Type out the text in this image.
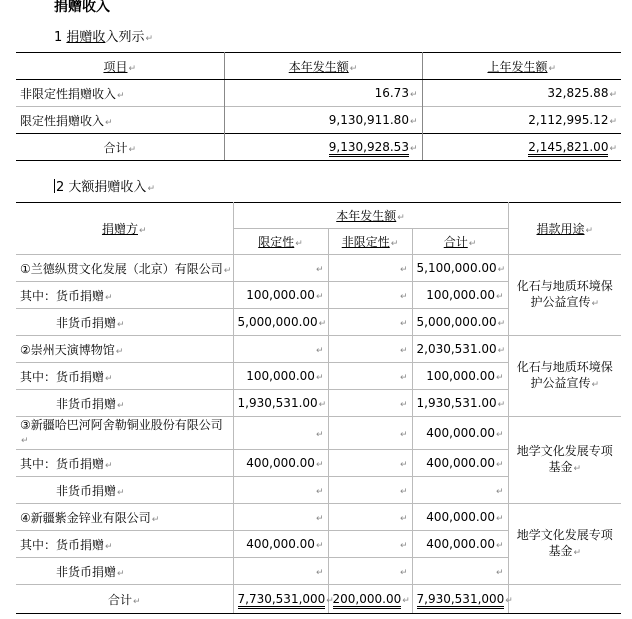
捐赠收入
1 捐赠收入列示↵
项目↵	本年发生额↵	上年发生额↵
非限定性捐赠收入↵	16.73↵	32,825.88↵
限定性捐赠收入↵	9,130,911.80↵	2,112,995.12↵
合计↵	9,130,928.53↵	2,145,821.00↵
2 大额捐赠收入↵
捐赠方↵	本年发生额↵			捐款用途↵
	限定性↵	非限定性↵	合计↵	
①兰德纵贯文化发展（北京）有限公司↵	↵	↵	5,100,000.00↵	化石与地质环境保护公益宣传↵
其中：货币捐赠↵	100,000.00↵	↵	100,000.00↵	
非货币捐赠↵	5,000,000.00↵	↵	5,000,000.00↵	
②崇州天演博物馆↵	↵	↵	2,030,531.00↵	化石与地质环境保护公益宣传↵
其中：货币捐赠↵	100,000.00↵	↵	100,000.00↵	
非货币捐赠↵	1,930,531.00↵	↵	1,930,531.00↵	
③新疆哈巴河阿舍勒铜业股份有限公司↵	↵	↵	400,000.00↵	地学文化发展专项基金↵
其中：货币捐赠↵	400,000.00↵	↵	400,000.00↵	
非货币捐赠↵	↵	↵	↵	
④新疆紫金锌业有限公司↵	↵	↵	400,000.00↵	地学文化发展专项基金↵
其中：货币捐赠↵	400,000.00↵	↵	400,000.00↵	
非货币捐赠↵	↵	↵	↵	
合计↵	7,730,531,000↵	200,000.00↵	7,930,531,000↵	
